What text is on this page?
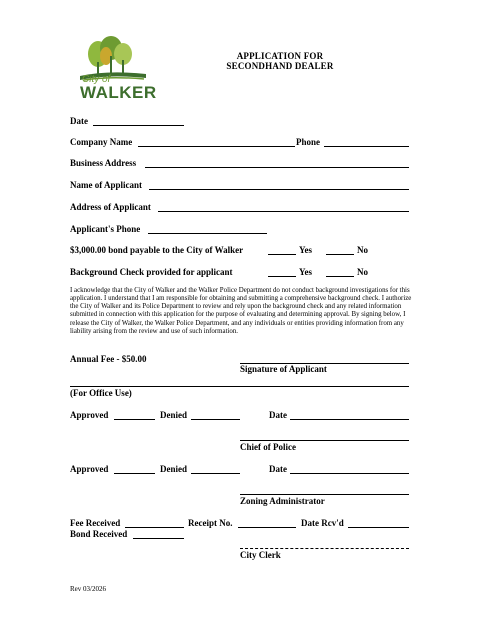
City of
WALKER
APPLICATION FOR
SECONDHAND DEALER
Date
Company Name	Phone
Business Address
Name of Applicant
Address of Applicant
Applicant's Phone
$3,000.00 bond payable to the City of Walker	Yes	No
Background Check provided for applicant	Yes	No
I acknowledge that the City of Walker and the Walker Police Department do not conduct background investigations for this application. I understand that I am responsible for obtaining and submitting a comprehensive background check. I authorize the City of Walker and its Police Department to review and rely upon the background check and any related information submitted in connection with this application for the purpose of evaluating and determining approval. By signing below, I release the City of Walker, the Walker Police Department, and any individuals or entities providing information from any liability arising from the review and use of such information.
Annual Fee - $50.00
Signature of Applicant
(For Office Use)
Approved	Denied	Date
Chief of Police
Approved	Denied	Date
Zoning Administrator
Fee Received	Receipt No.	Date Rcv'd
Bond Received
City Clerk
Rev 03/2026
